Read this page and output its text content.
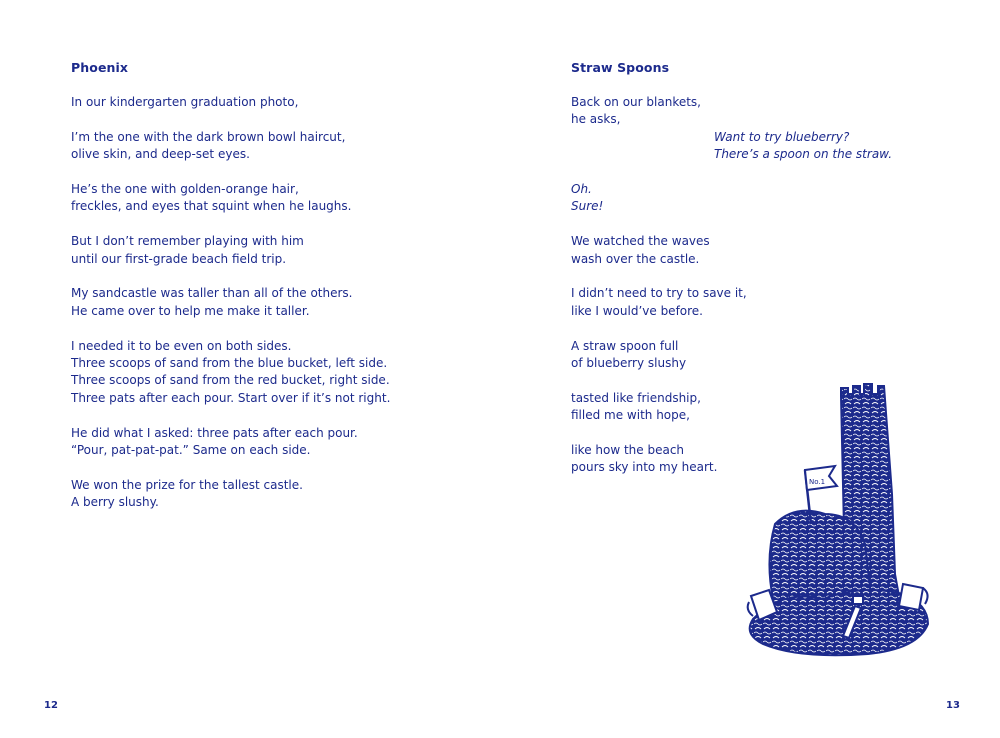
Phoenix

In our kindergarten graduation photo,

I’m the one with the dark brown bowl haircut,
olive skin, and deep-set eyes.

He’s the one with golden-orange hair,
freckles, and eyes that squint when he laughs.

But I don’t remember playing with him
until our first-grade beach field trip.

My sandcastle was taller than all of the others.
He came over to help me make it taller.

I needed it to be even on both sides.
Three scoops of sand from the blue bucket, left side.
Three scoops of sand from the red bucket, right side.
Three pats after each pour. Start over if it’s not right.

He did what I asked: three pats after each pour.
“Pour, pat-pat-pat.” Same on each side.

We won the prize for the tallest castle.
A berry slushy.

12
Straw Spoons

Back on our blankets,
he asks,

Want to try blueberry?
There’s a spoon on the straw.

Oh.
Sure!

We watched the waves
wash over the castle.

I didn’t need to try to save it,
like I would’ve before.

A straw spoon full
of blueberry slushy

tasted like friendship,
filled me with hope,

like how the beach
pours sky into my heart.

13
No.1
